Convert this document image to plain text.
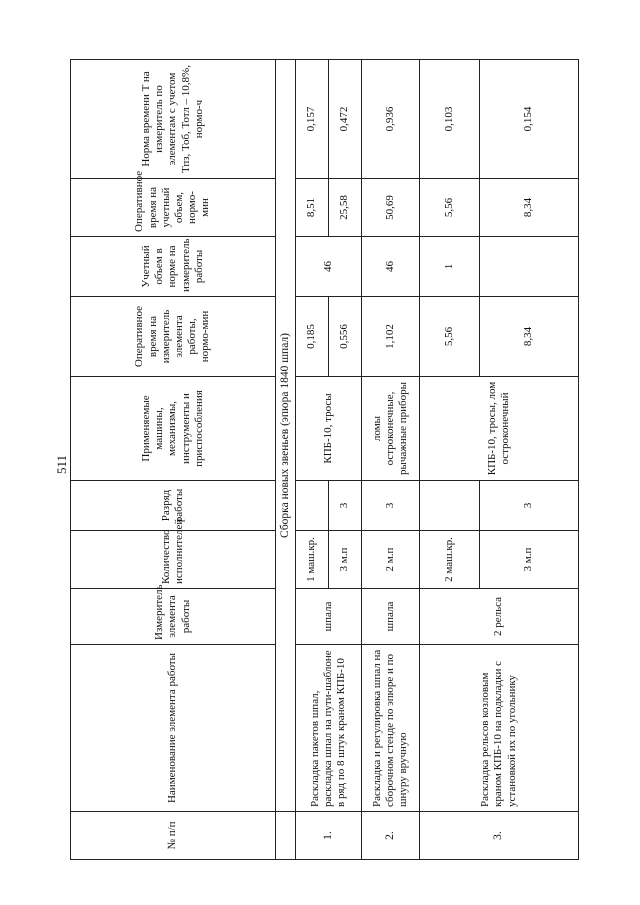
511
№ п/п	Наименование элемента работы	Измеритель элемента работы	Количество исполнителей	Разряд работы	Применяемые машины, механизмы, инструменты и приспособления	Оперативное время на измеритель элемента работы, нормо-мин	Учетный объем в норме на измеритель работы	Оперативное время на учетный объем, нормо-мин	Норма времени T на измеритель по элементам с учетом Тпз, Тоб, Тотл – 10,8%, нормо-ч
	Сборка новых звеньев (эпюра 1840 шпал)								
1.	Раскладка пакетов шпал, раскладка шпал на пути-шаблоне в ряд по 8 штук краном КПБ-10	шпала	1 маш.кр.		КПБ-10, тросы	0,185	46	8,51	0,157
			3 м.п	3		0,556		25,58	0,472
2.	Раскладка и регулировка шпал на сборочном стенде по эпюре и по шнуру вручную	шпала	2 м.п	3	ломы остроконечные, рычажные приборы	1,102	46	50,69	0,936
3.	Раскладка рельсов козловым краном КПБ-10 на подкладки с установкой их по угольнику	2 рельса	2 маш.кр.		КПБ-10, тросы, лом остроконечный	5,56	1	5,56	0,103
			3 м.п	3		8,34		8,34	0,154
